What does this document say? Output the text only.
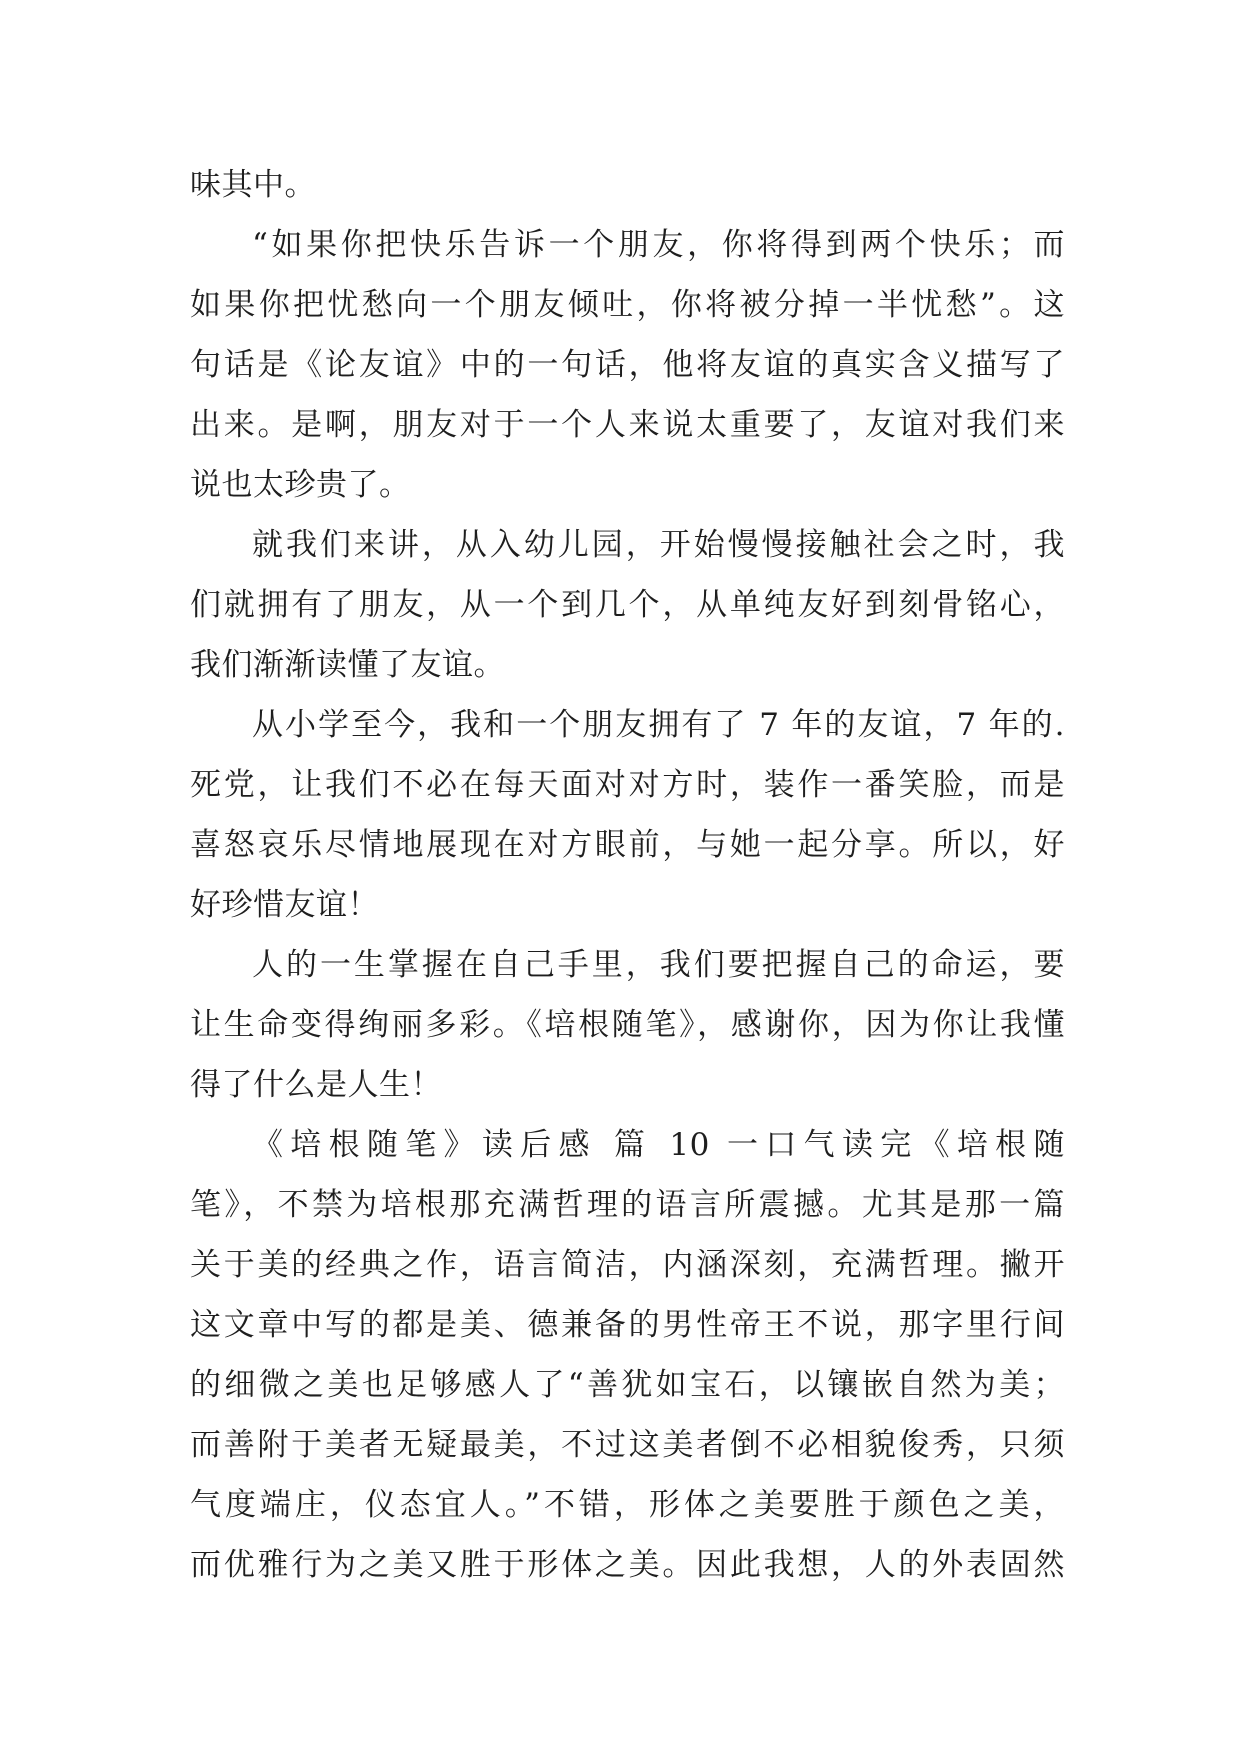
味其中。
“如果你把快乐告诉一个朋友，你将得到两个快乐；而
如果你把忧愁向一个朋友倾吐，你将被分掉一半忧愁”。这
句话是《论友谊》中的一句话，他将友谊的真实含义描写了
出来。是啊，朋友对于一个人来说太重要了，友谊对我们来
说也太珍贵了。
就我们来讲，从入幼儿园，开始慢慢接触社会之时，我
们就拥有了朋友，从一个到几个，从单纯友好到刻骨铭心，
我们渐渐读懂了友谊。
从小学至今，我和一个朋友拥有了 7 年的友谊，7 年的.
死党，让我们不必在每天面对对方时，装作一番笑脸，而是
喜怒哀乐尽情地展现在对方眼前，与她一起分享。所以，好
好珍惜友谊！
人的一生掌握在自己手里，我们要把握自己的命运，要
让生命变得绚丽多彩。《培根随笔》，感谢你，因为你让我懂
得了什么是人生！
《培根随笔》读后感 篇 10 一口气读完《培根随
笔》，不禁为培根那充满哲理的语言所震撼。尤其是那一篇
关于美的经典之作，语言简洁，内涵深刻，充满哲理。撇开
这文章中写的都是美、德兼备的男性帝王不说，那字里行间
的细微之美也足够感人了“善犹如宝石，以镶嵌自然为美；
而善附于美者无疑最美，不过这美者倒不必相貌俊秀，只须
气度端庄，仪态宜人。”不错，形体之美要胜于颜色之美，
而优雅行为之美又胜于形体之美。因此我想，人的外表固然
